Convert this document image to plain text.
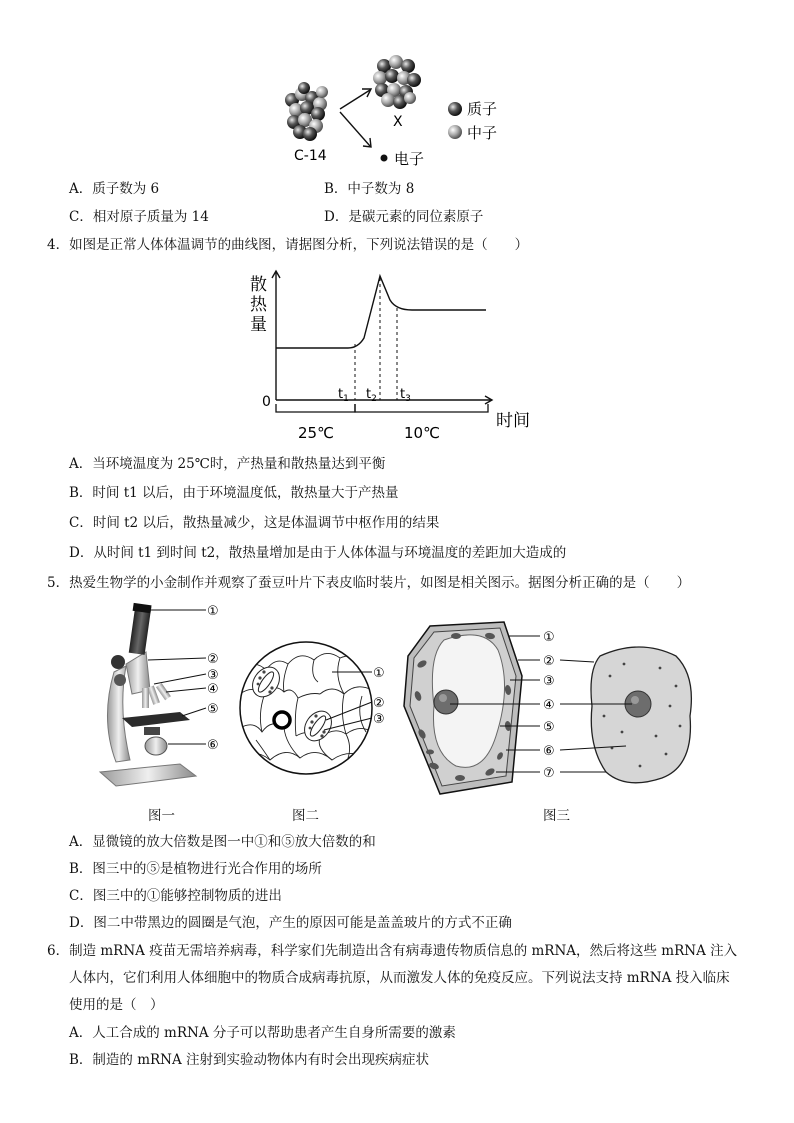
C-14
X
电子
质子
中子
A．质子数为 6	B．中子数为 8
C．相对原子质量为 14	D．是碳元素的同位素原子
4．如图是正常人体体温调节的曲线图，请据图分析，下列说法错误的是（　　）
散
热
量
0	$t_1$ $t_2$ $t_3$
时间
25℃	10℃
A．当环境温度为 25℃时，产热量和散热量达到平衡
B．时间 t1 以后，由于环境温度低，散热量大于产热量
C．时间 t2 以后，散热量减少，这是体温调节中枢作用的结果
D．从时间 t1 到时间 t2，散热量增加是由于人体体温与环境温度的差距加大造成的
5．热爱生物学的小金制作并观察了蚕豆叶片下表皮临时装片，如图是相关图示。据图分析正确的是（　　）
①
②
③
④
⑤
⑥
①
②
③
①
②
③
④
⑤
⑥
⑦
图一	图二	图三
A．显微镜的放大倍数是图一中①和⑤放大倍数的和
B．图三中的⑤是植物进行光合作用的场所
C．图三中的①能够控制物质的进出
D．图二中带黑边的圆圈是气泡，产生的原因可能是盖盖玻片的方式不正确
6．制造 mRNA 疫苗无需培养病毒，科学家们先制造出含有病毒遗传物质信息的 mRNA，然后将这些 mRNA 注入
人体内，它们利用人体细胞中的物质合成病毒抗原，从而激发人体的免疫反应。下列说法支持 mRNA 投入临床
使用的是（　）
A．人工合成的 mRNA 分子可以帮助患者产生自身所需要的激素
B．制造的 mRNA 注射到实验动物体内有时会出现疾病症状
